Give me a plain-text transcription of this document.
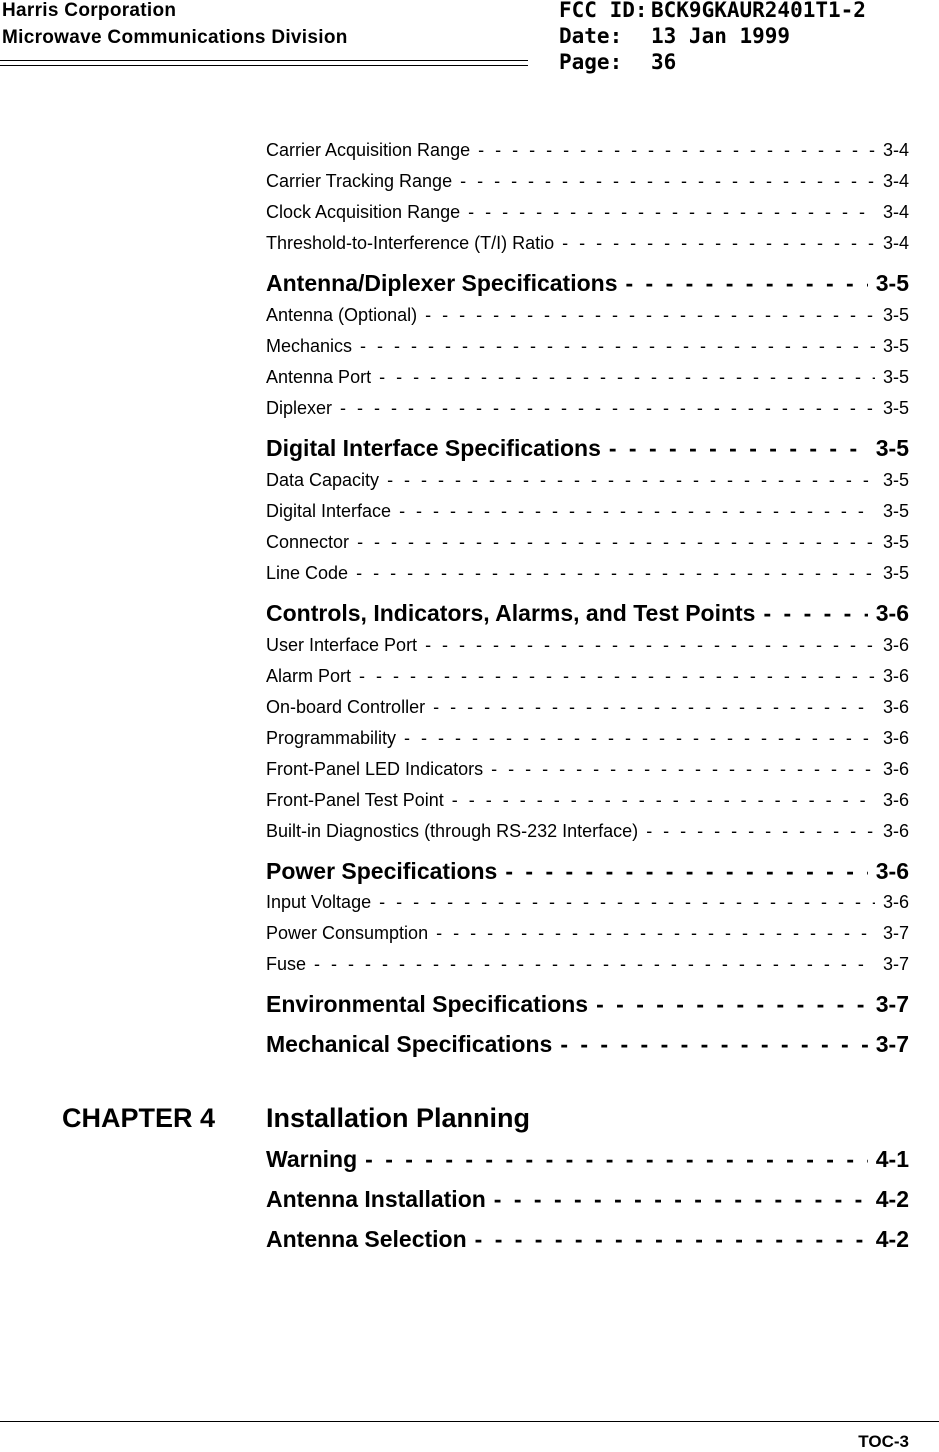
Harris Corporation
Microwave Communications Division
FCC ID: BCK9GKAUR2401T1-2
Date: 13 Jan 1999
Page: 36
Carrier Acquisition Range - - -	3-4
Carrier Tracking Range - - -	3-4
Clock Acquisition Range - - -	3-4
Threshold-to-Interference (T/I) Ratio - - -	3-4
Antenna/Diplexer Specifications - - -	3-5
Antenna (Optional) - - -	3-5
Mechanics - - -	3-5
Antenna Port - - -	3-5
Diplexer - - -	3-5
Digital Interface Specifications - - -	3-5
Data Capacity - - -	3-5
Digital Interface - - -	3-5
Connector - - -	3-5
Line Code - - -	3-5
Controls, Indicators, Alarms, and Test Points - - -	3-6
User Interface Port - - -	3-6
Alarm Port - - -	3-6
On-board Controller - - -	3-6
Programmability - - -	3-6
Front-Panel LED Indicators - - -	3-6
Front-Panel Test Point - - -	3-6
Built-in Diagnostics (through RS-232 Interface) - - -	3-6
Power Specifications - - -	3-6
Input Voltage - - -	3-6
Power Consumption - - -	3-7
Fuse - - -	3-7
Environmental Specifications - - -	3-7
Mechanical Specifications - - -	3-7
Warning - - -	4-1
Antenna Installation - - -	4-2
Antenna Selection - - -	4-2
CHAPTER 4 Installation Planning
TOC-3
